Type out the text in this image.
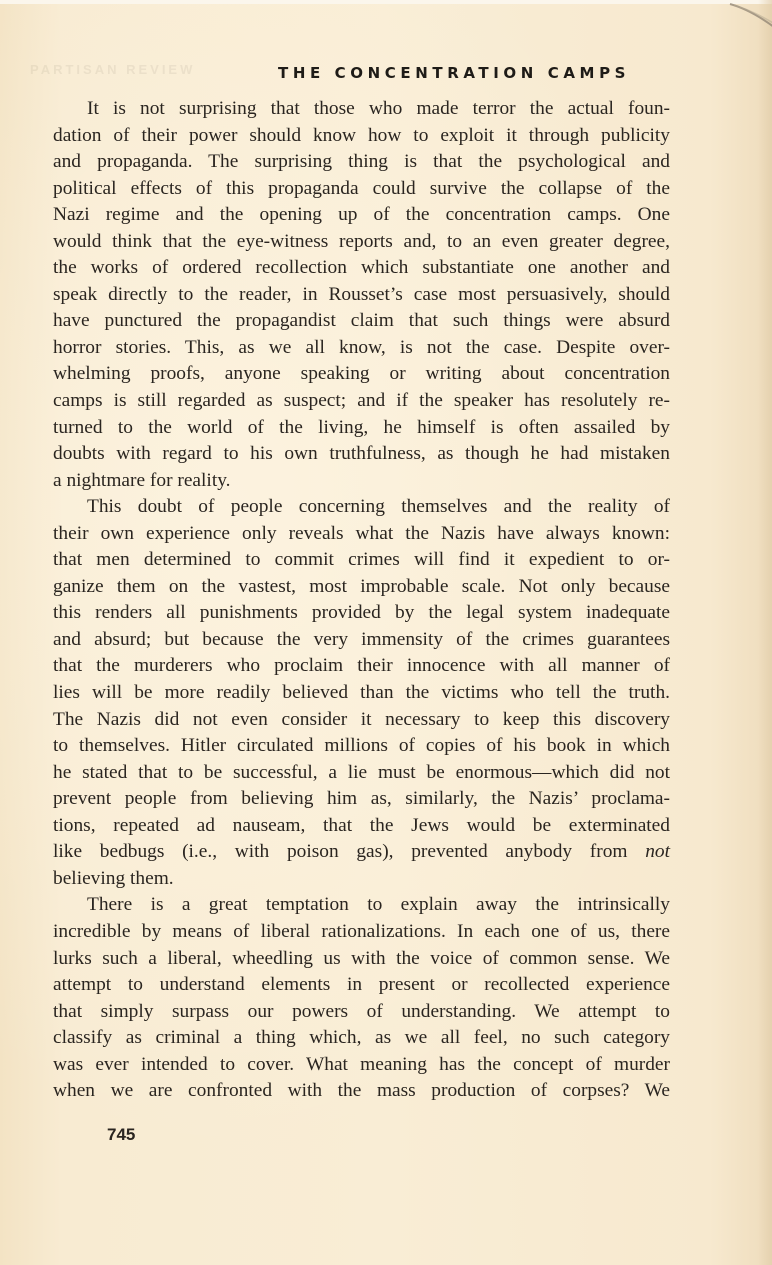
PARTISAN REVIEW	THE CONCENTRATION CAMPS
It is not surprising that those who made terror the actual foun-
dation of their power should know how to exploit it through publicity
and propaganda. The surprising thing is that the psychological and
political effects of this propaganda could survive the collapse of the
Nazi regime and the opening up of the concentration camps. One
would think that the eye-witness reports and, to an even greater degree,
the works of ordered recollection which substantiate one another and
speak directly to the reader, in Rousset’s case most persuasively, should
have punctured the propagandist claim that such things were absurd
horror stories. This, as we all know, is not the case. Despite over-
whelming proofs, anyone speaking or writing about concentration
camps is still regarded as suspect; and if the speaker has resolutely re-
turned to the world of the living, he himself is often assailed by
doubts with regard to his own truthfulness, as though he had mistaken
a nightmare for reality.
This doubt of people concerning themselves and the reality of
their own experience only reveals what the Nazis have always known:
that men determined to commit crimes will find it expedient to or-
ganize them on the vastest, most improbable scale. Not only because
this renders all punishments provided by the legal system inadequate
and absurd; but because the very immensity of the crimes guarantees
that the murderers who proclaim their innocence with all manner of
lies will be more readily believed than the victims who tell the truth.
The Nazis did not even consider it necessary to keep this discovery
to themselves. Hitler circulated millions of copies of his book in which
he stated that to be successful, a lie must be enormous—which did not
prevent people from believing him as, similarly, the Nazis’ proclama-
tions, repeated ad nauseam, that the Jews would be exterminated
like bedbugs (i.e., with poison gas), prevented anybody from not
believing them.
There is a great temptation to explain away the intrinsically
incredible by means of liberal rationalizations. In each one of us, there
lurks such a liberal, wheedling us with the voice of common sense. We
attempt to understand elements in present or recollected experience
that simply surpass our powers of understanding. We attempt to
classify as criminal a thing which, as we all feel, no such category
was ever intended to cover. What meaning has the concept of murder
when we are confronted with the mass production of corpses? We
745
